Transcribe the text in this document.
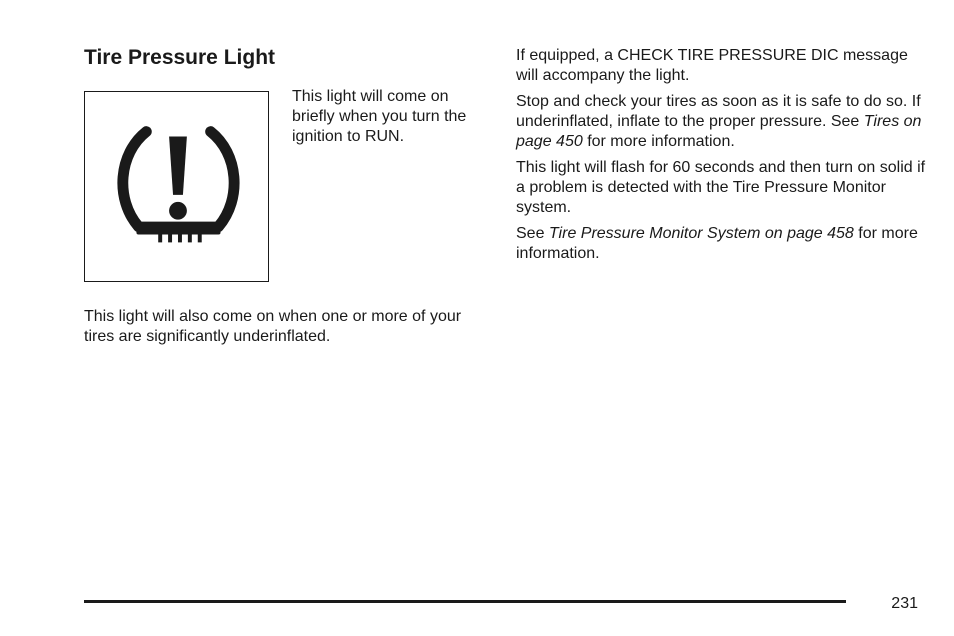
Tire Pressure Light

This light will come on briefly when you turn the ignition to RUN.

This light will also come on when one or more of your tires are significantly underinflated.

If equipped, a CHECK TIRE PRESSURE DIC message will accompany the light.

Stop and check your tires as soon as it is safe to do so. If underinflated, inflate to the proper pressure. See Tires on page 450 for more information.

This light will flash for 60 seconds and then turn on solid if a problem is detected with the Tire Pressure Monitor system.

See Tire Pressure Monitor System on page 458 for more information.

231
